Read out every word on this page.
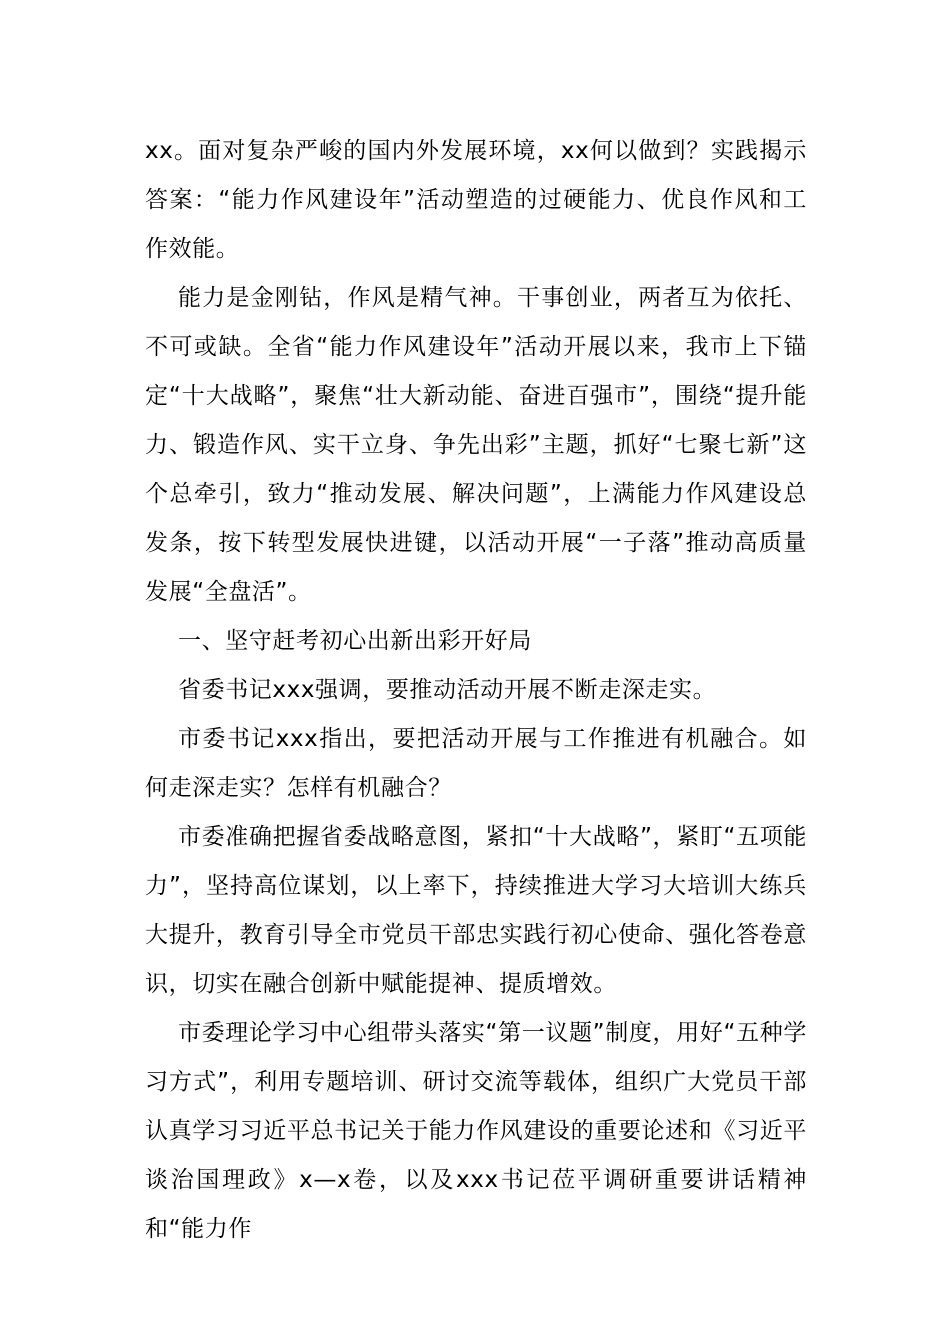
xx。面对复杂严峻的国内外发展环境，xx何以做到？实践揭示答案：“能力作风建设年”活动塑造的过硬能力、优良作风和工作效能。

能力是金刚钻，作风是精气神。干事创业，两者互为依托、不可或缺。全省“能力作风建设年”活动开展以来，我市上下锚定“十大战略”，聚焦“壮大新动能、奋进百强市”，围绕“提升能力、锻造作风、实干立身、争先出彩”主题，抓好“七聚七新”这个总牵引，致力“推动发展、解决问题”，上满能力作风建设总发条，按下转型发展快进键，以活动开展“一子落”推动高质量发展“全盘活”。

一、坚守赶考初心出新出彩开好局

省委书记xxx强调，要推动活动开展不断走深走实。

市委书记xxx指出，要把活动开展与工作推进有机融合。如何走深走实？怎样有机融合？

市委准确把握省委战略意图，紧扣“十大战略”，紧盯“五项能力”，坚持高位谋划，以上率下，持续推进大学习大培训大练兵大提升，教育引导全市党员干部忠实践行初心使命、强化答卷意识，切实在融合创新中赋能提神、提质增效。

市委理论学习中心组带头落实“第一议题”制度，用好“五种学习方式”，利用专题培训、研讨交流等载体，组织广大党员干部认真学习习近平总书记关于能力作风建设的重要论述和《习近平谈治国理政》x—x卷，以及xxx书记莅平调研重要讲话精神和“能力作
